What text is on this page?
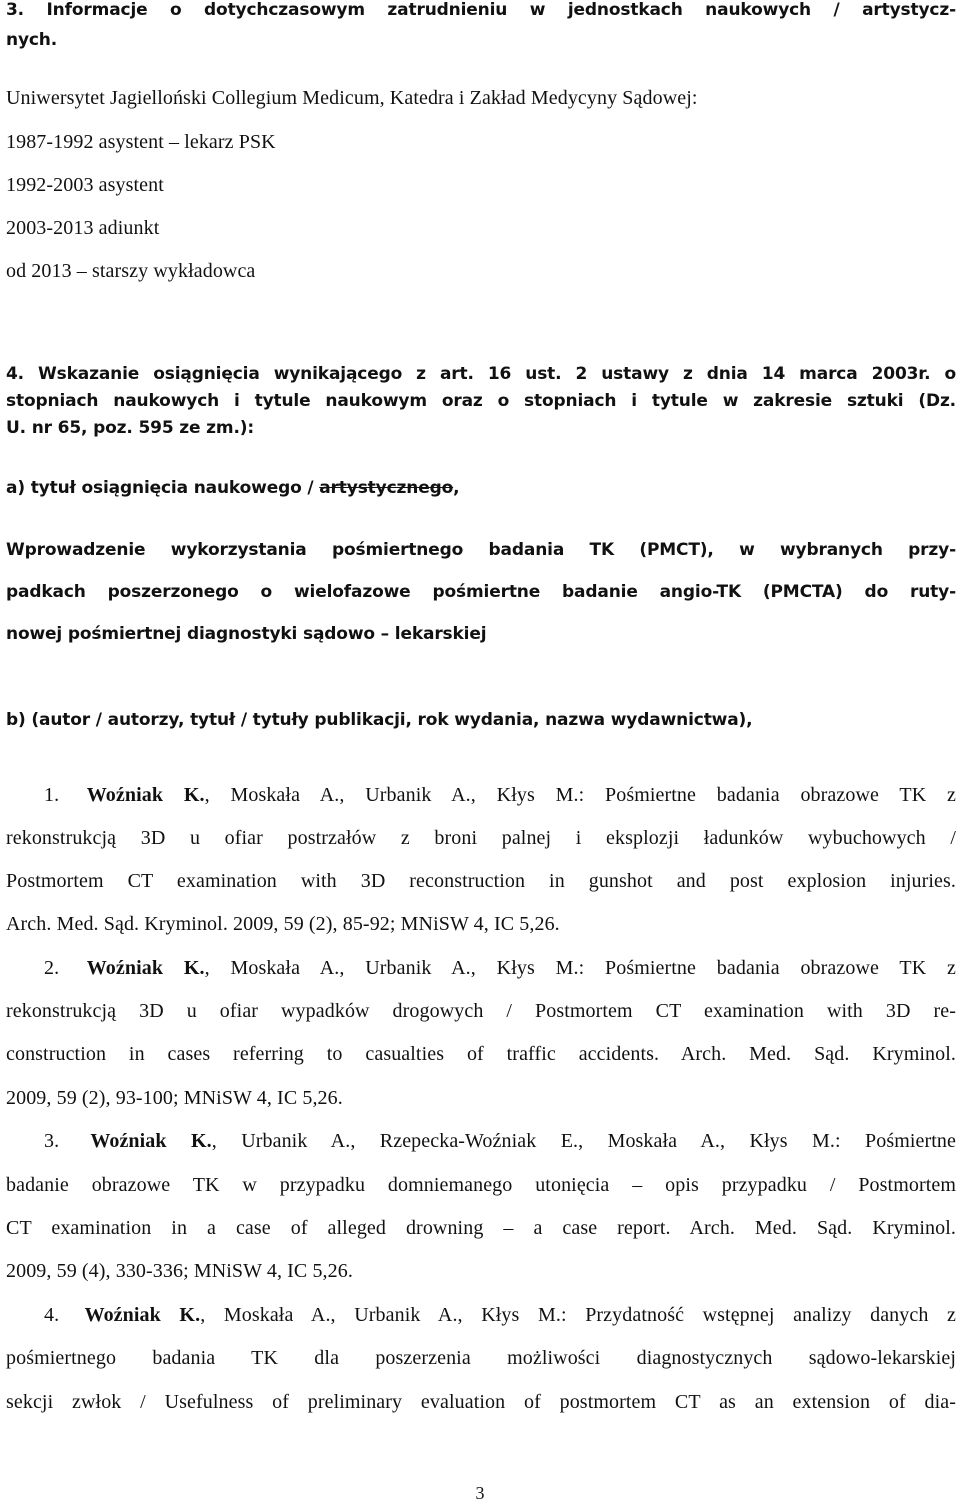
3. Informacje o dotychczasowym zatrudnieniu w jednostkach naukowych / artystycz-
nych.
Uniwersytet Jagielloński Collegium Medicum, Katedra i Zakład Medycyny Sądowej:
1987-1992 asystent – lekarz PSK
1992-2003 asystent
2003-2013 adiunkt
od 2013 – starszy wykładowca
4. Wskazanie osiągnięcia wynikającego z art. 16 ust. 2 ustawy z dnia 14 marca 2003r. o
stopniach naukowych i tytule naukowym oraz o stopniach i tytule w zakresie sztuki (Dz.
U. nr 65, poz. 595 ze zm.):
a) tytuł osiągnięcia naukowego / artystycznego,
Wprowadzenie wykorzystania pośmiertnego badania TK (PMCT), w wybranych przy-
padkach poszerzonego o wielofazowe pośmiertne badanie angio-TK (PMCTA) do ruty-
nowej pośmiertnej diagnostyki sądowo – lekarskiej
b) (autor / autorzy, tytuł / tytuły publikacji, rok wydania, nazwa wydawnictwa),
1. Woźniak K., Moskała A., Urbanik A., Kłys M.: Pośmiertne badania obrazowe TK z
rekonstrukcją 3D u ofiar postrzałów z broni palnej i eksplozji ładunków wybuchowych /
Postmortem CT examination with 3D reconstruction in gunshot and post explosion injuries.
Arch. Med. Sąd. Kryminol. 2009, 59 (2), 85-92; MNiSW 4, IC 5,26.
2. Woźniak K., Moskała A., Urbanik A., Kłys M.: Pośmiertne badania obrazowe TK z
rekonstrukcją 3D u ofiar wypadków drogowych / Postmortem CT examination with 3D re-
construction in cases referring to casualties of traffic accidents. Arch. Med. Sąd. Kryminol.
2009, 59 (2), 93-100; MNiSW 4, IC 5,26.
3. Woźniak K., Urbanik A., Rzepecka-Woźniak E., Moskała A., Kłys M.: Pośmiertne
badanie obrazowe TK w przypadku domniemanego utonięcia – opis przypadku / Postmortem
CT examination in a case of alleged drowning – a case report. Arch. Med. Sąd. Kryminol.
2009, 59 (4), 330-336; MNiSW 4, IC 5,26.
4. Woźniak K., Moskała A., Urbanik A., Kłys M.: Przydatność wstępnej analizy danych z
pośmiertnego badania TK dla poszerzenia możliwości diagnostycznych sądowo-lekarskiej
sekcji zwłok / Usefulness of preliminary evaluation of postmortem CT as an extension of dia-
3
